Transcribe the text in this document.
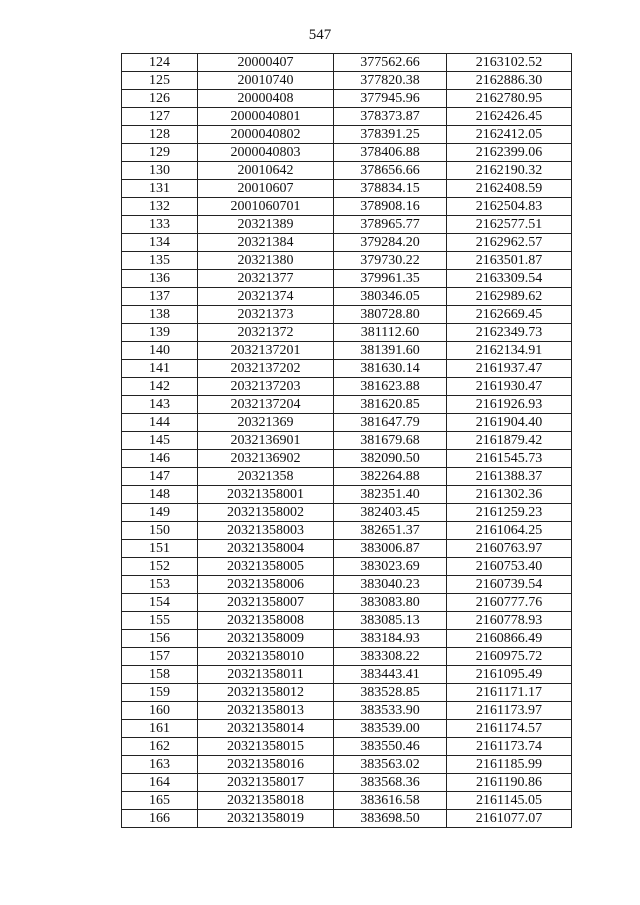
547
124	20000407	377562.66	2163102.52
125	20010740	377820.38	2162886.30
126	20000408	377945.96	2162780.95
127	2000040801	378373.87	2162426.45
128	2000040802	378391.25	2162412.05
129	2000040803	378406.88	2162399.06
130	20010642	378656.66	2162190.32
131	20010607	378834.15	2162408.59
132	2001060701	378908.16	2162504.83
133	20321389	378965.77	2162577.51
134	20321384	379284.20	2162962.57
135	20321380	379730.22	2163501.87
136	20321377	379961.35	2163309.54
137	20321374	380346.05	2162989.62
138	20321373	380728.80	2162669.45
139	20321372	381112.60	2162349.73
140	2032137201	381391.60	2162134.91
141	2032137202	381630.14	2161937.47
142	2032137203	381623.88	2161930.47
143	2032137204	381620.85	2161926.93
144	20321369	381647.79	2161904.40
145	2032136901	381679.68	2161879.42
146	2032136902	382090.50	2161545.73
147	20321358	382264.88	2161388.37
148	20321358001	382351.40	2161302.36
149	20321358002	382403.45	2161259.23
150	20321358003	382651.37	2161064.25
151	20321358004	383006.87	2160763.97
152	20321358005	383023.69	2160753.40
153	20321358006	383040.23	2160739.54
154	20321358007	383083.80	2160777.76
155	20321358008	383085.13	2160778.93
156	20321358009	383184.93	2160866.49
157	20321358010	383308.22	2160975.72
158	20321358011	383443.41	2161095.49
159	20321358012	383528.85	2161171.17
160	20321358013	383533.90	2161173.97
161	20321358014	383539.00	2161174.57
162	20321358015	383550.46	2161173.74
163	20321358016	383563.02	2161185.99
164	20321358017	383568.36	2161190.86
165	20321358018	383616.58	2161145.05
166	20321358019	383698.50	2161077.07
